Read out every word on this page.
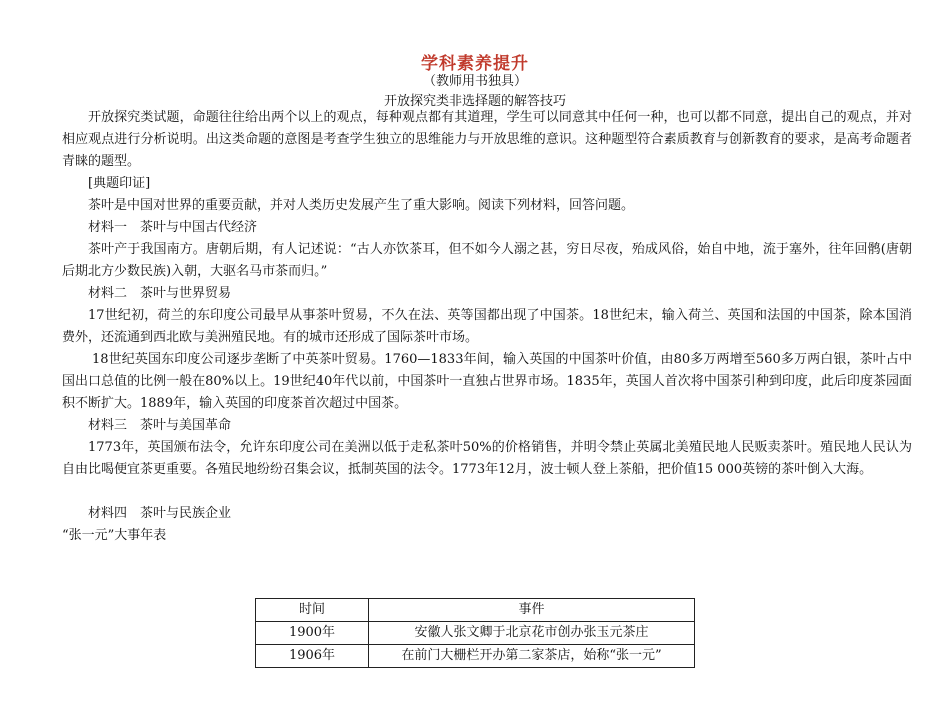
学科素养提升
（教师用书独具）
开放探究类非选择题的解答技巧

开放探究类试题，命题往往给出两个以上的观点，每种观点都有其道理，学生可以同意其中任何一种，也可以都不同意，提出自己的观点，并对相应观点进行分析说明。出这类命题的意图是考查学生独立的思维能力与开放思维的意识。这种题型符合素质教育与创新教育的要求，是高考命题者青睐的题型。

[典题印证]

茶叶是中国对世界的重要贡献，并对人类历史发展产生了重大影响。阅读下列材料，回答问题。

材料一　茶叶与中国古代经济

茶叶产于我国南方。唐朝后期，有人记述说：“古人亦饮茶耳，但不如今人溺之甚，穷日尽夜，殆成风俗，始自中地，流于塞外，往年回鹘(唐朝后期北方少数民族)入朝，大驱名马市茶而归。”

材料二　茶叶与世界贸易

17世纪初，荷兰的东印度公司最早从事茶叶贸易，不久在法、英等国都出现了中国茶。18世纪末，输入荷兰、英国和法国的中国茶，除本国消费外，还流通到西北欧与美洲殖民地。有的城市还形成了国际茶叶市场。

18世纪英国东印度公司逐步垄断了中英茶叶贸易。1760—1833年间，输入英国的中国茶叶价值，由80多万两增至560多万两白银，茶叶占中国出口总值的比例一般在80%以上。19世纪40年代以前，中国茶叶一直独占世界市场。1835年，英国人首次将中国茶引种到印度，此后印度茶园面积不断扩大。1889年，输入英国的印度茶首次超过中国茶。

材料三　茶叶与美国革命

1773年，英国颁布法令，允许东印度公司在美洲以低于走私茶叶50%的价格销售，并明令禁止英属北美殖民地人民贩卖茶叶。殖民地人民认为自由比喝便宜茶更重要。各殖民地纷纷召集会议，抵制英国的法令。1773年12月，波士顿人登上茶船，把价值15 000英镑的茶叶倒入大海。

材料四　茶叶与民族企业

“张一元”大事年表

时间	事件
1900年	安徽人张文卿于北京花市创办张玉元茶庄
1906年	在前门大栅栏开办第二家茶店，始称“张一元”
